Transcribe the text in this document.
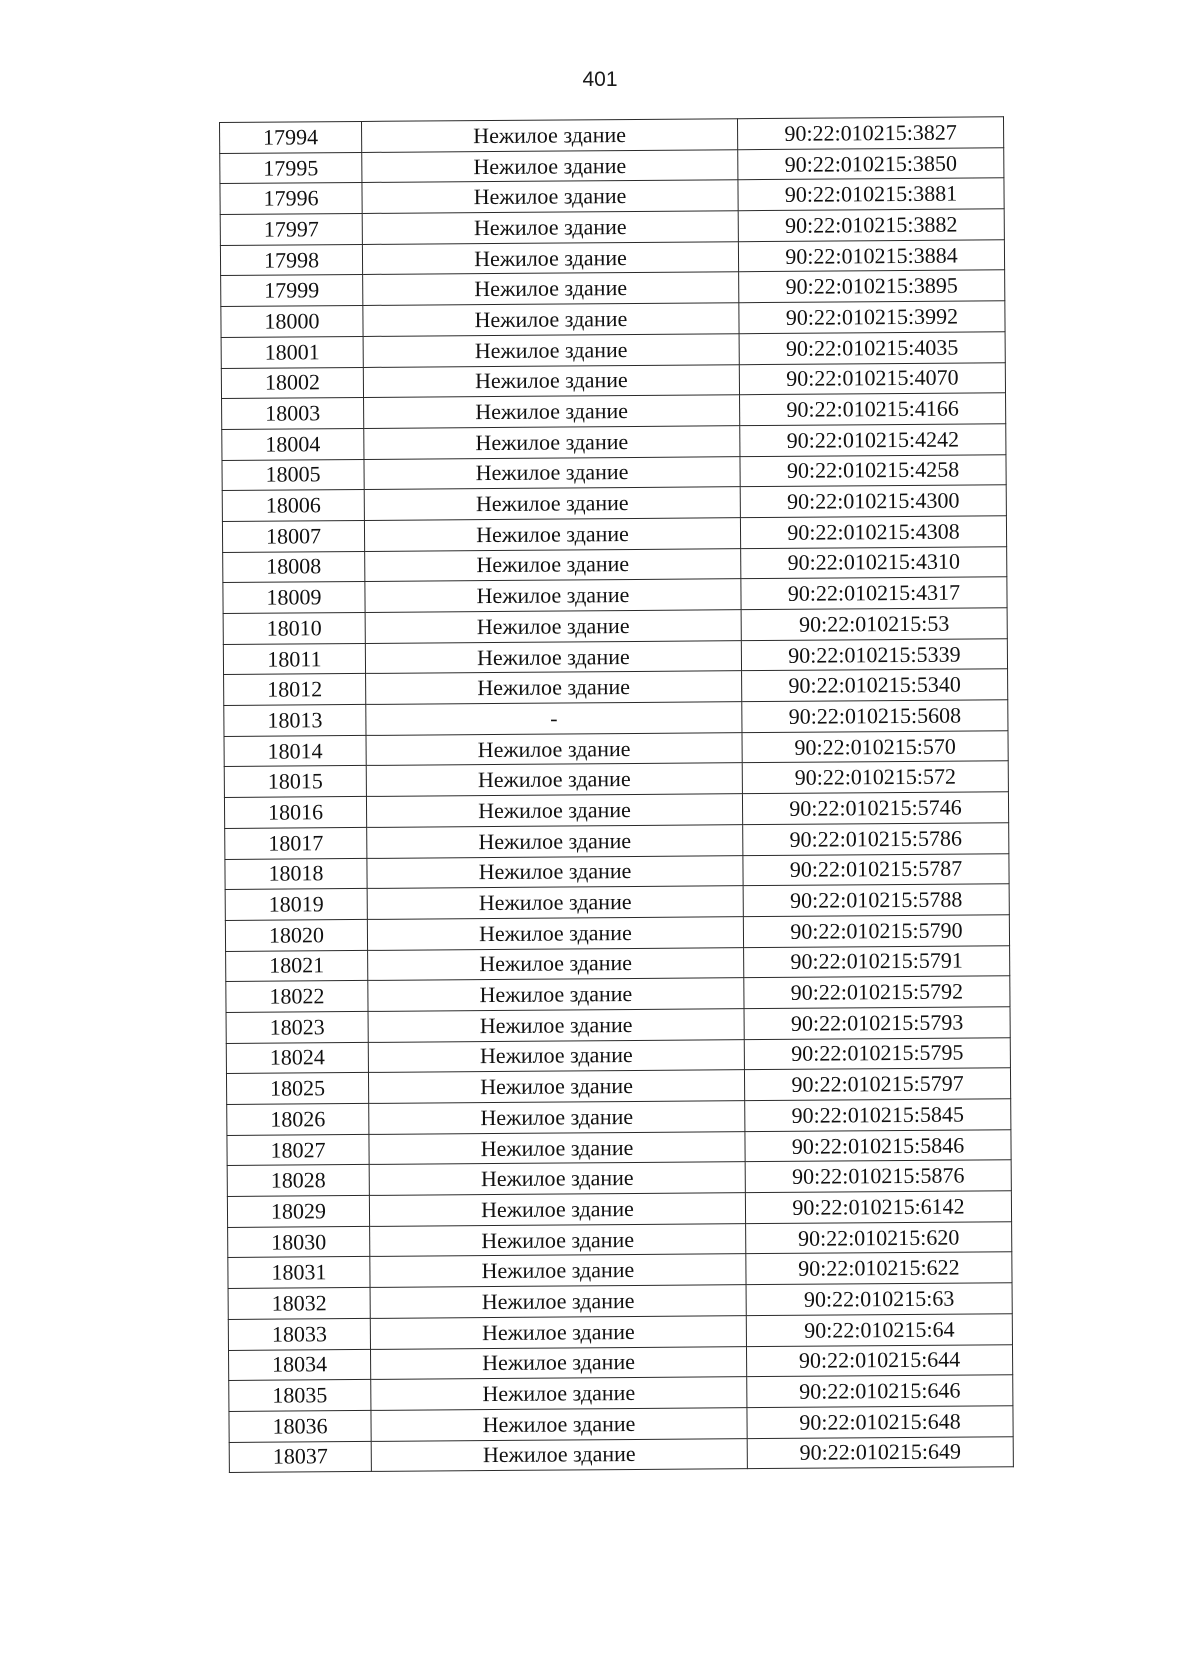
401
17994	Нежилое здание	90:22:010215:3827
17995	Нежилое здание	90:22:010215:3850
17996	Нежилое здание	90:22:010215:3881
17997	Нежилое здание	90:22:010215:3882
17998	Нежилое здание	90:22:010215:3884
17999	Нежилое здание	90:22:010215:3895
18000	Нежилое здание	90:22:010215:3992
18001	Нежилое здание	90:22:010215:4035
18002	Нежилое здание	90:22:010215:4070
18003	Нежилое здание	90:22:010215:4166
18004	Нежилое здание	90:22:010215:4242
18005	Нежилое здание	90:22:010215:4258
18006	Нежилое здание	90:22:010215:4300
18007	Нежилое здание	90:22:010215:4308
18008	Нежилое здание	90:22:010215:4310
18009	Нежилое здание	90:22:010215:4317
18010	Нежилое здание	90:22:010215:53
18011	Нежилое здание	90:22:010215:5339
18012	Нежилое здание	90:22:010215:5340
18013	-	90:22:010215:5608
18014	Нежилое здание	90:22:010215:570
18015	Нежилое здание	90:22:010215:572
18016	Нежилое здание	90:22:010215:5746
18017	Нежилое здание	90:22:010215:5786
18018	Нежилое здание	90:22:010215:5787
18019	Нежилое здание	90:22:010215:5788
18020	Нежилое здание	90:22:010215:5790
18021	Нежилое здание	90:22:010215:5791
18022	Нежилое здание	90:22:010215:5792
18023	Нежилое здание	90:22:010215:5793
18024	Нежилое здание	90:22:010215:5795
18025	Нежилое здание	90:22:010215:5797
18026	Нежилое здание	90:22:010215:5845
18027	Нежилое здание	90:22:010215:5846
18028	Нежилое здание	90:22:010215:5876
18029	Нежилое здание	90:22:010215:6142
18030	Нежилое здание	90:22:010215:620
18031	Нежилое здание	90:22:010215:622
18032	Нежилое здание	90:22:010215:63
18033	Нежилое здание	90:22:010215:64
18034	Нежилое здание	90:22:010215:644
18035	Нежилое здание	90:22:010215:646
18036	Нежилое здание	90:22:010215:648
18037	Нежилое здание	90:22:010215:649
